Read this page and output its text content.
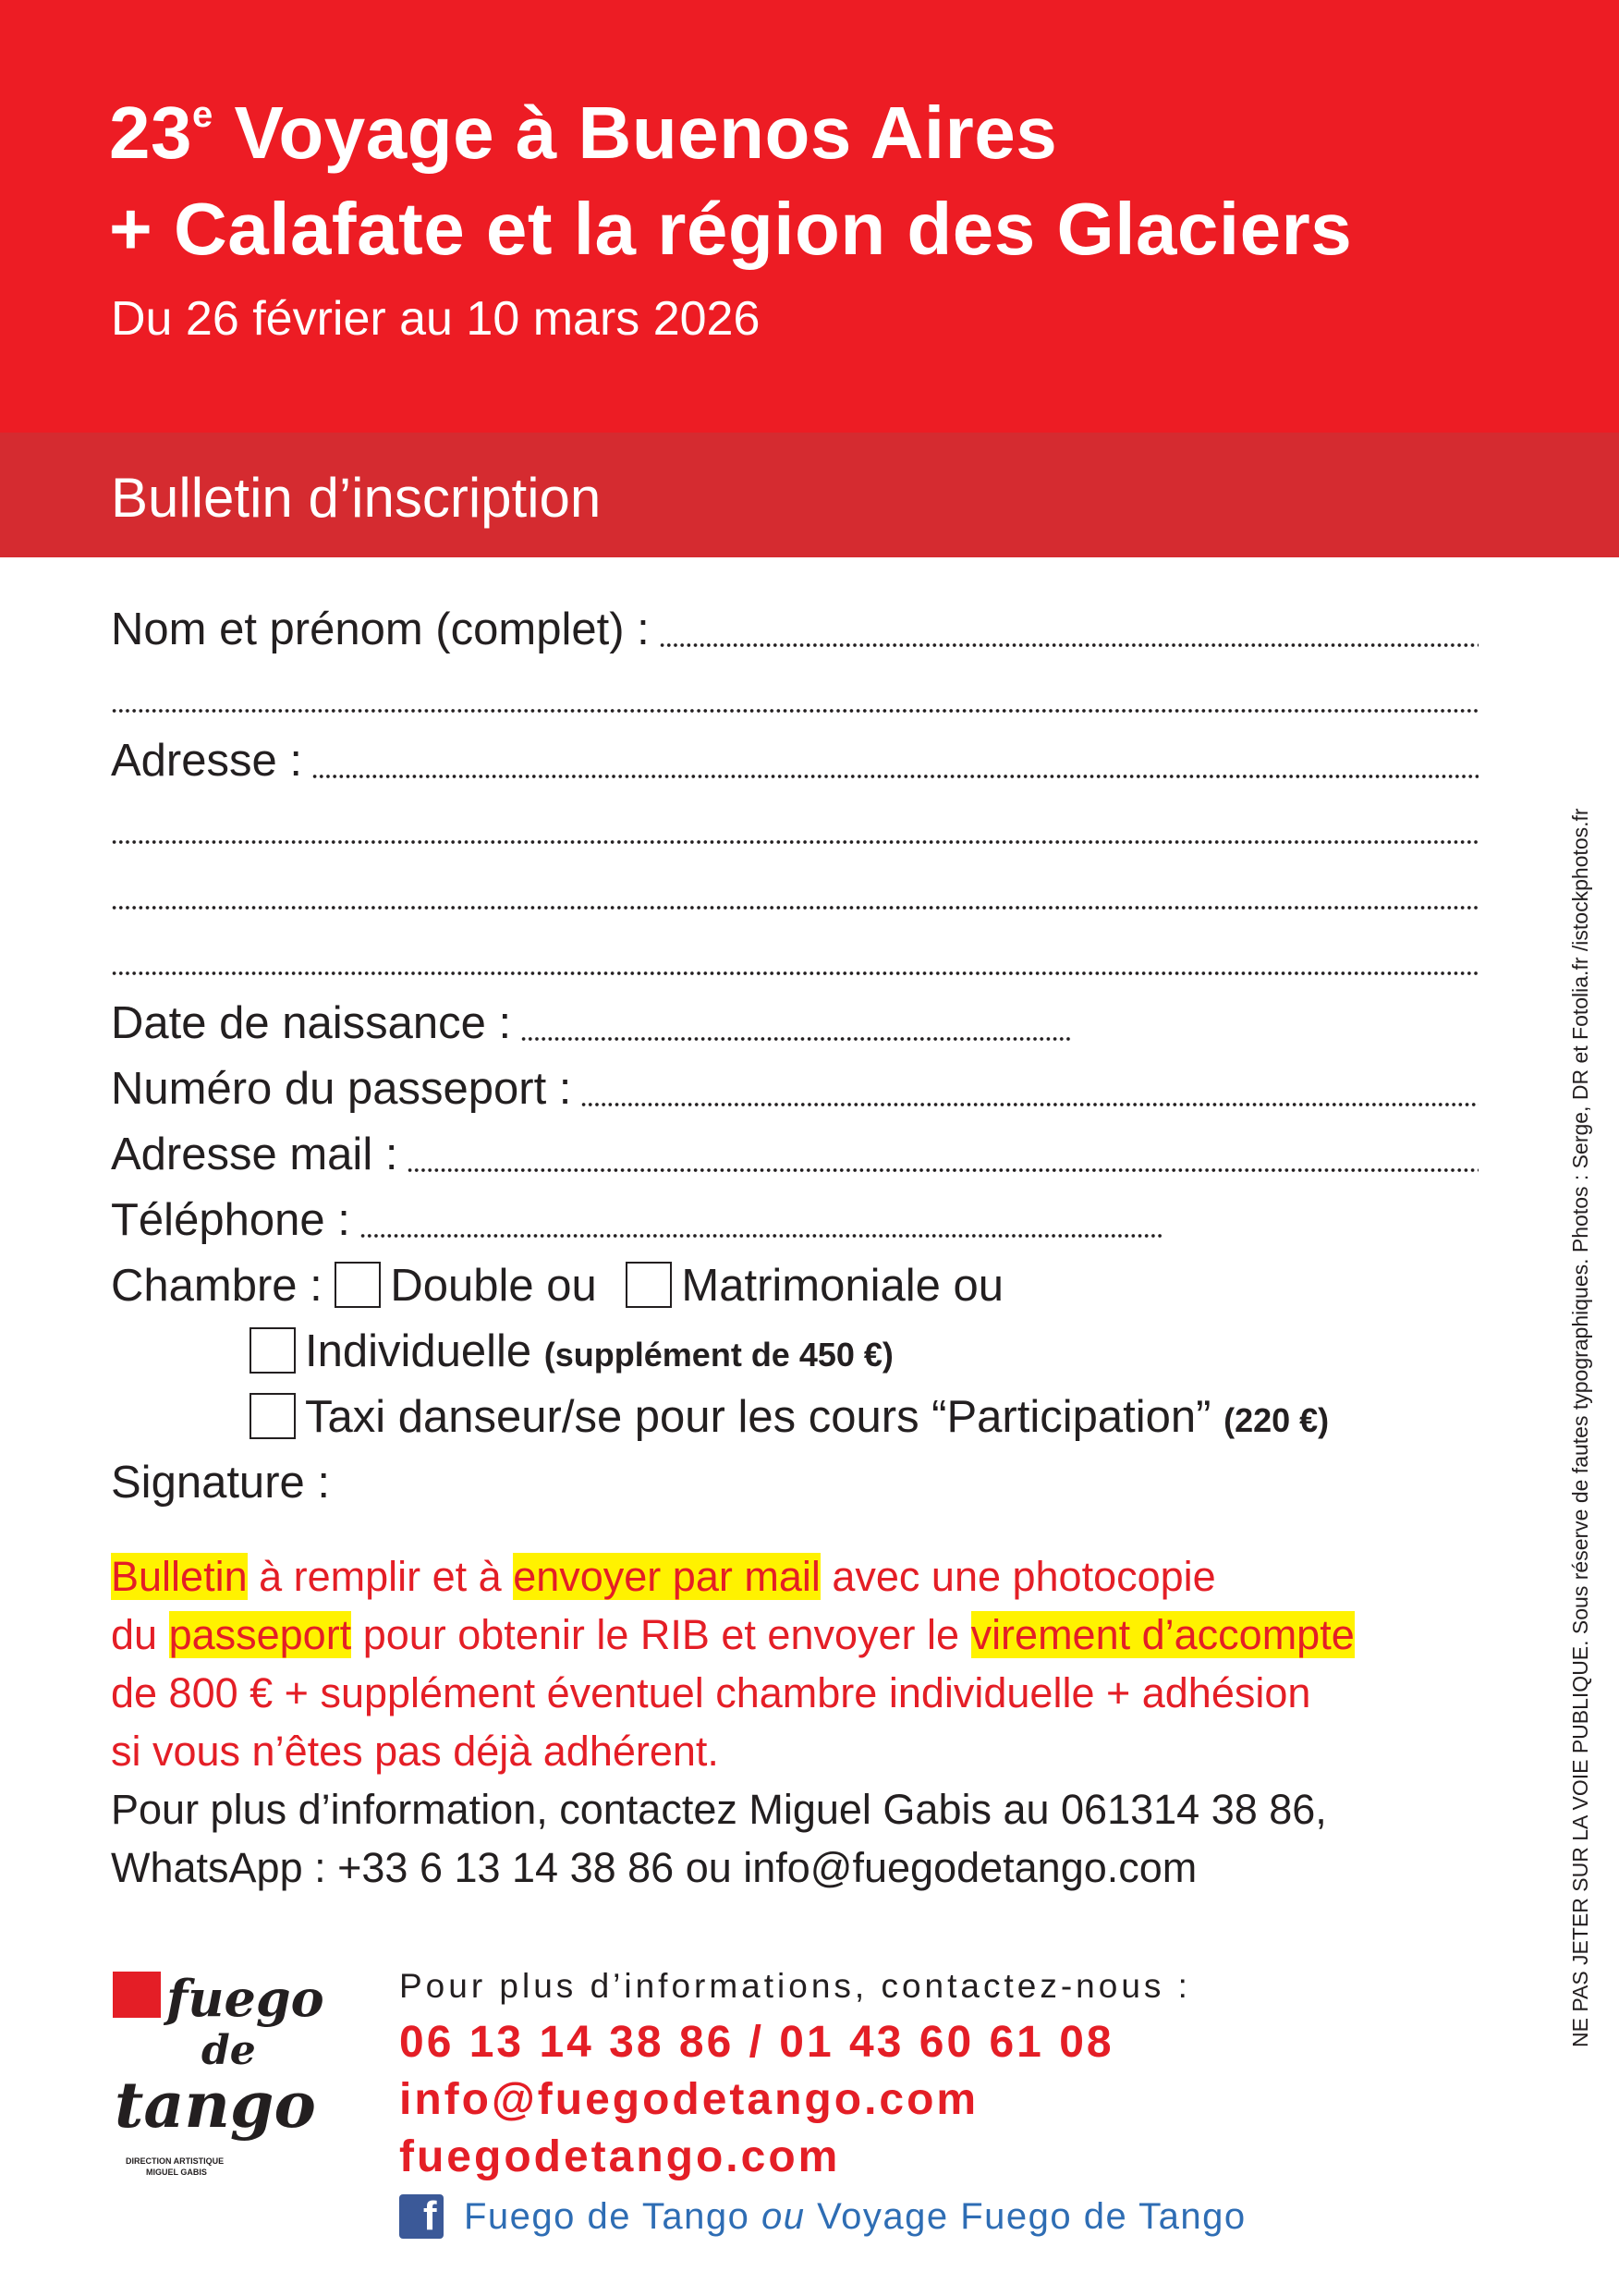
23e Voyage à Buenos Aires
+ Calafate et la région des Glaciers
Du 26 février au 10 mars 2026
Bulletin d’inscription
Nom et prénom (complet) :
Adresse :
Date de naissance :
Numéro du passeport :
Adresse mail :
Téléphone :
Chambre : Double ou Matrimoniale ou
Individuelle (supplément de 450 €)
Taxi danseur/se pour les cours “Participation” (220 €)
Signature :
Bulletin à remplir et à envoyer par mail avec une photocopie
du passeport pour obtenir le RIB et envoyer le virement d’accompte
de 800 € + supplément éventuel chambre individuelle + adhésion
si vous n’êtes pas déjà adhérent.
Pour plus d’information, contactez Miguel Gabis au 061314 38 86,
WhatsApp : +33 6 13 14 38 86 ou info@fuegodetango.com
fuego
de
tango
DIRECTION ARTISTIQUE
MIGUEL GABIS
Pour plus d’informations, contactez-nous :
06 13 14 38 86 / 01 43 60 61 08
info@fuegodetango.com
fuegodetango.com
f Fuego de Tango ou Voyage Fuego de Tango
NE PAS JETER SUR LA VOIE PUBLIQUE. Sous réserve de fautes typographiques. Photos : Serge, DR et Fotolia.fr /istockphotos.fr
